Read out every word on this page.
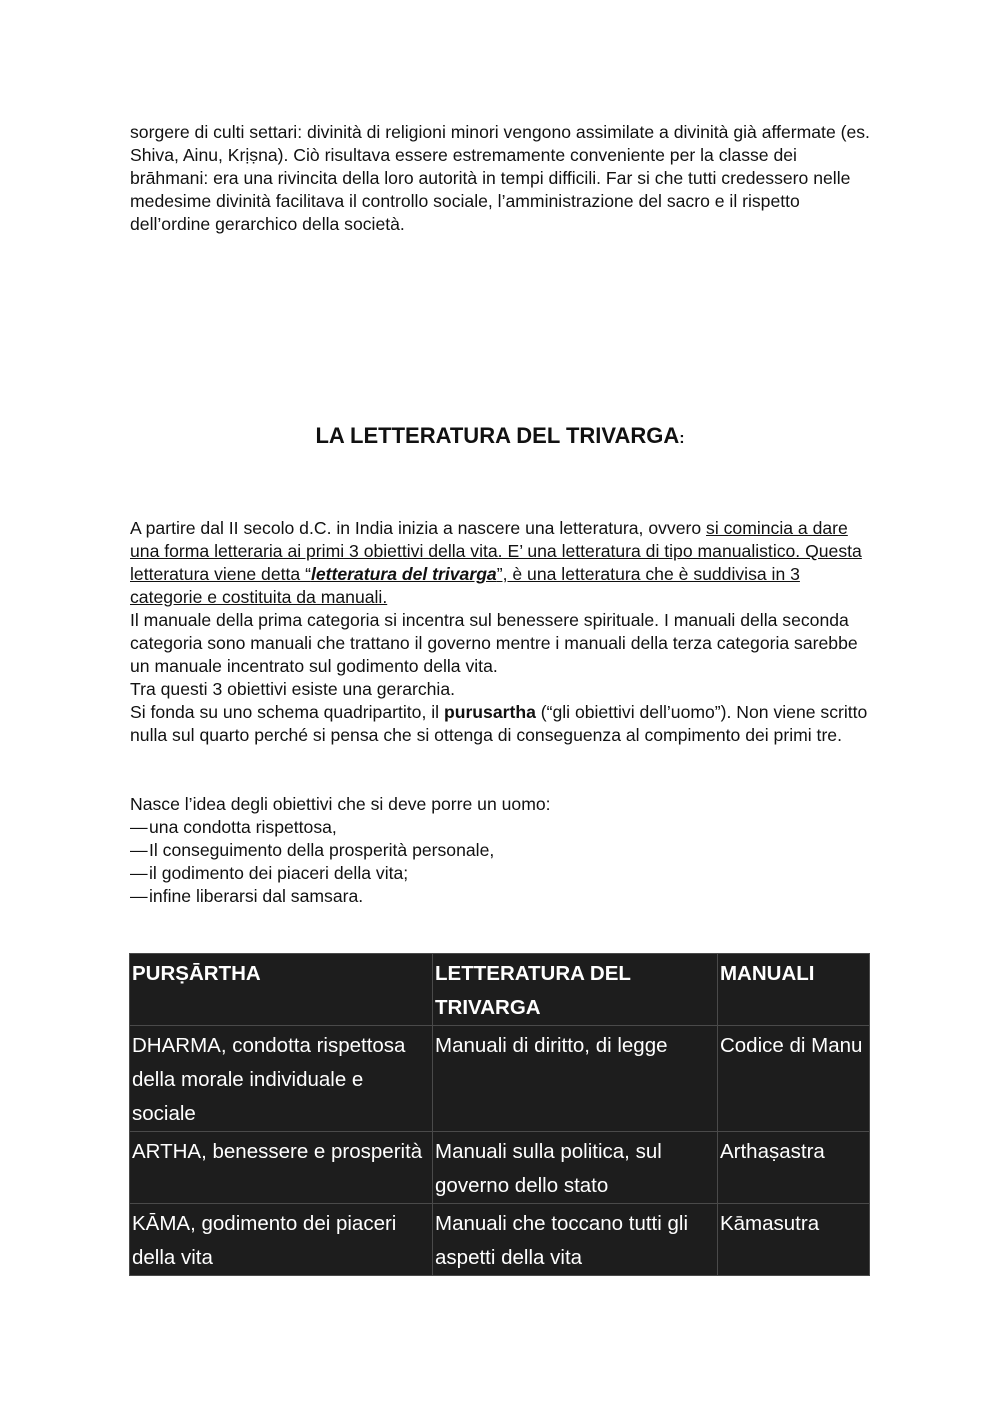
sorgere di culti settari: divinità di religioni minori vengono assimilate a divinità già affermate (es. Shiva, Ainu, Krịṣna). Ciò risultava essere estremamente conveniente per la classe dei brāhmani: era una rivincita della loro autorità in tempi difficili. Far si che tutti credessero nelle medesime divinità facilitava il controllo sociale, l’amministrazione del sacro e il rispetto dell’ordine gerarchico della società.

LA LETTERATURA DEL TRIVARGA:
A partire dal II secolo d.C. in India inizia a nascere una letteratura, ovvero si comincia a dare una forma letteraria ai primi 3 obiettivi della vita. E’ una letteratura di tipo manualistico. Questa letteratura viene detta “letteratura del trivarga”, è una letteratura che è suddivisa in 3 categorie e costituita da manuali.
Il manuale della prima categoria si incentra sul benessere spirituale. I manuali della seconda categoria sono manuali che trattano il governo mentre i manuali della terza categoria sarebbe un manuale incentrato sul godimento della vita.
Tra questi 3 obiettivi esiste una gerarchia.
Si fonda su uno schema quadripartito, il purusartha (“gli obiettivi dell’uomo”). Non viene scritto nulla sul quarto perché si pensa che si ottenga di conseguenza al compimento dei primi tre.
Nasce l’idea degli obiettivi che si deve porre un uomo:
—una condotta rispettosa,
—Il conseguimento della prosperità personale,
—il godimento dei piaceri della vita;
—infine liberarsi dal samsara.
PURṢĀRTHA	LETTERATURA DEL TRIVARGA	MANUALI
DHARMA, condotta rispettosa della morale individuale e sociale	Manuali di diritto, di legge	Codice di Manu
ARTHA, benessere e prosperità	Manuali sulla politica, sul governo dello stato	Arthaṣastra
KĀMA, godimento dei piaceri della vita	Manuali che toccano tutti gli aspetti della vita	Kāmasutra
